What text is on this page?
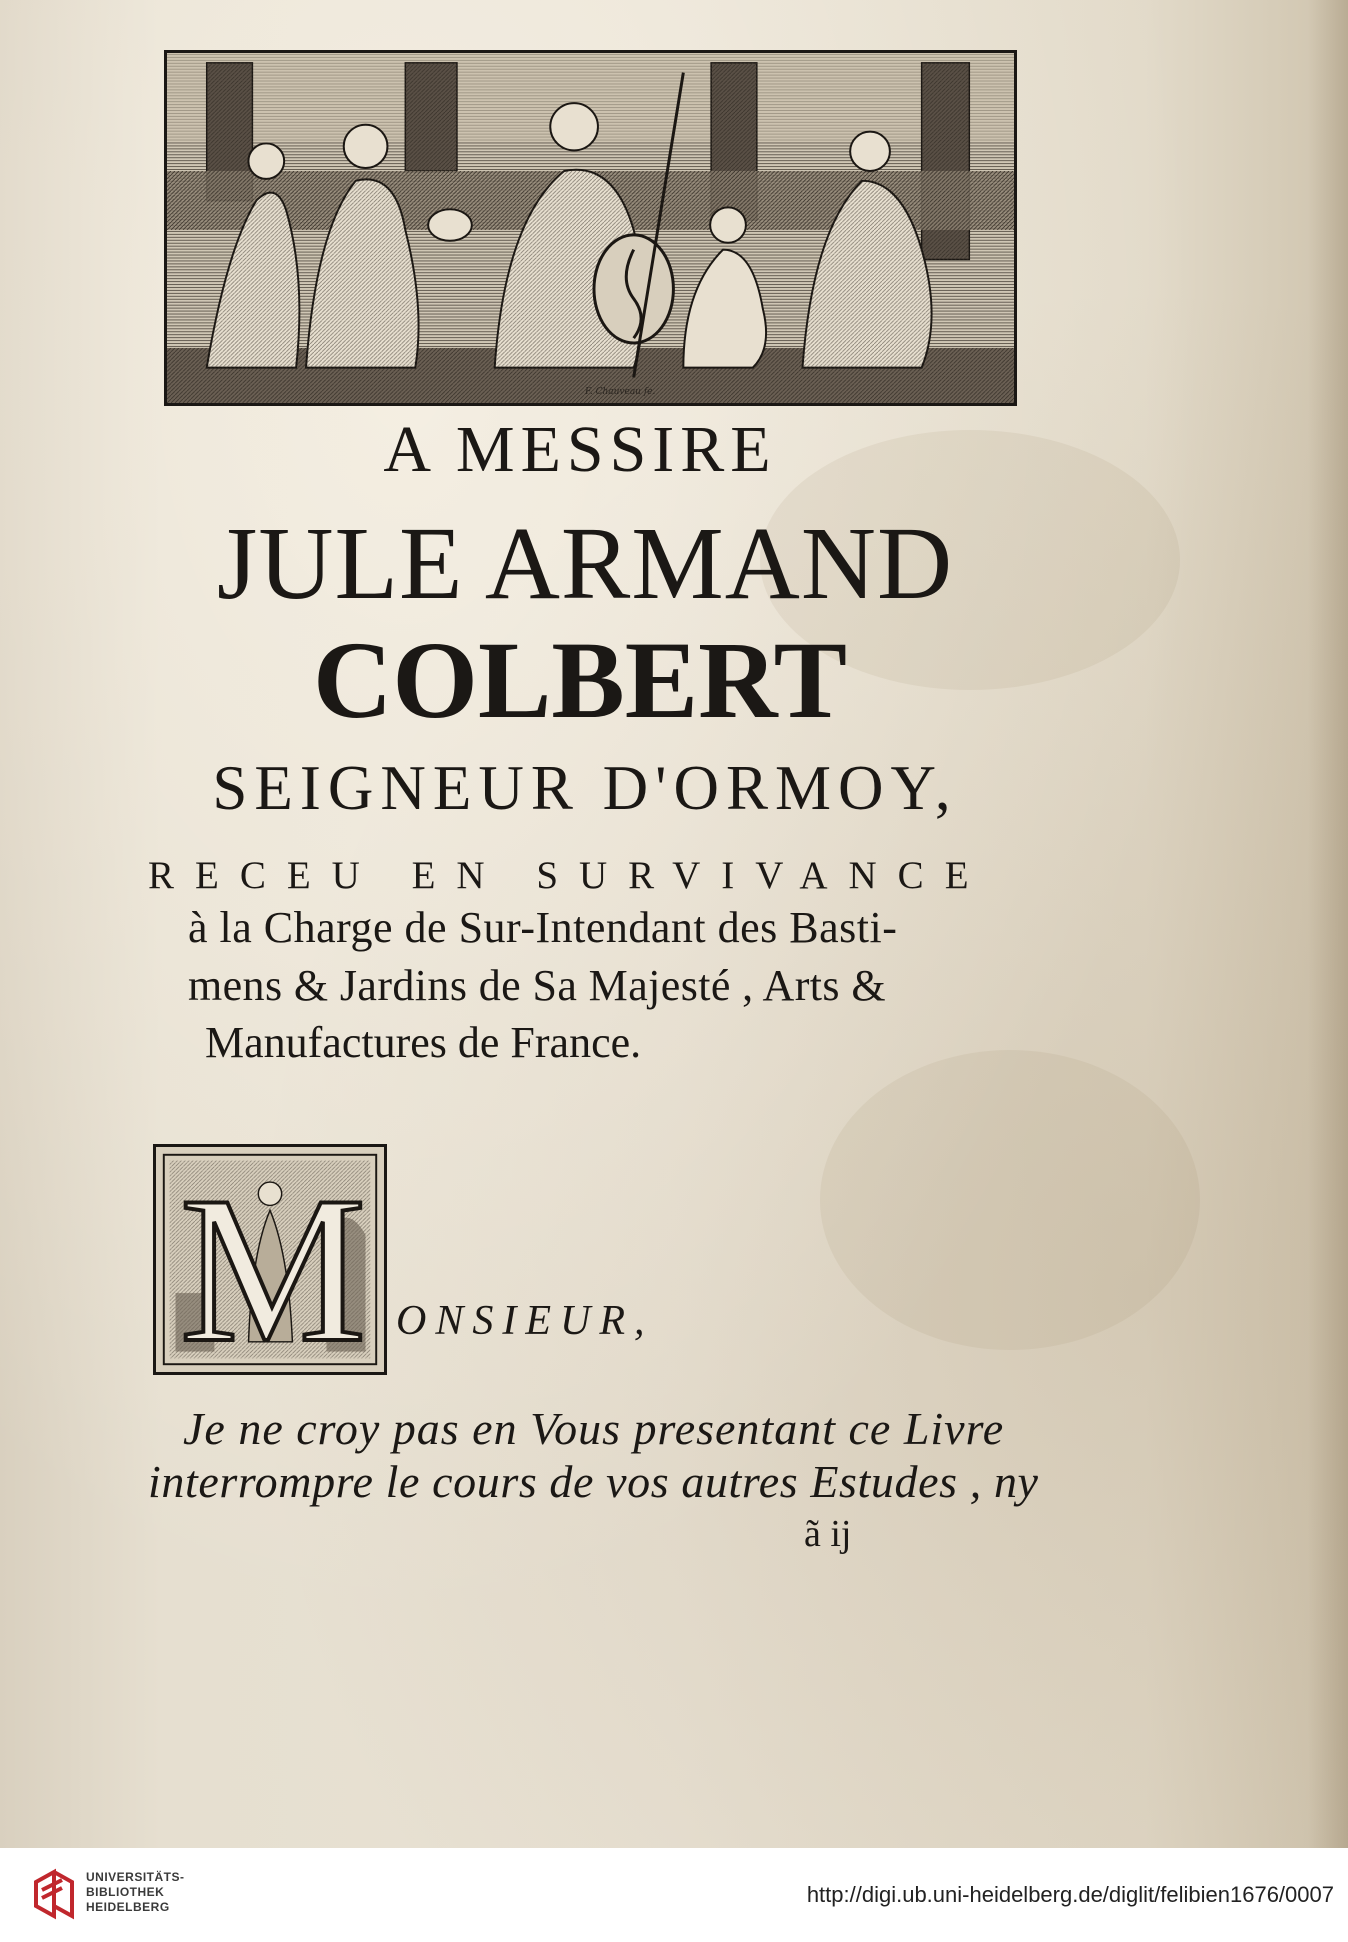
F. Chauveau fe.
A MESSIRE
JULE ARMAND
COLBERT
SEIGNEUR D'ORMOY,
RECEU EN SURVIVANCE
à la Charge de Sur-Intendant des Basti-
mens & Jardins de Sa Majesté , Arts &
Manufactures de France.
M ONSIEUR,
Je ne croy pas en Vous presentant ce Livre
interrompre le cours de vos autres Estudes , ny
ã ij
UNIVERSITÄTS-
BIBLIOTHEK
HEIDELBERG	http://digi.ub.uni-heidelberg.de/diglit/felibien1676/0007
